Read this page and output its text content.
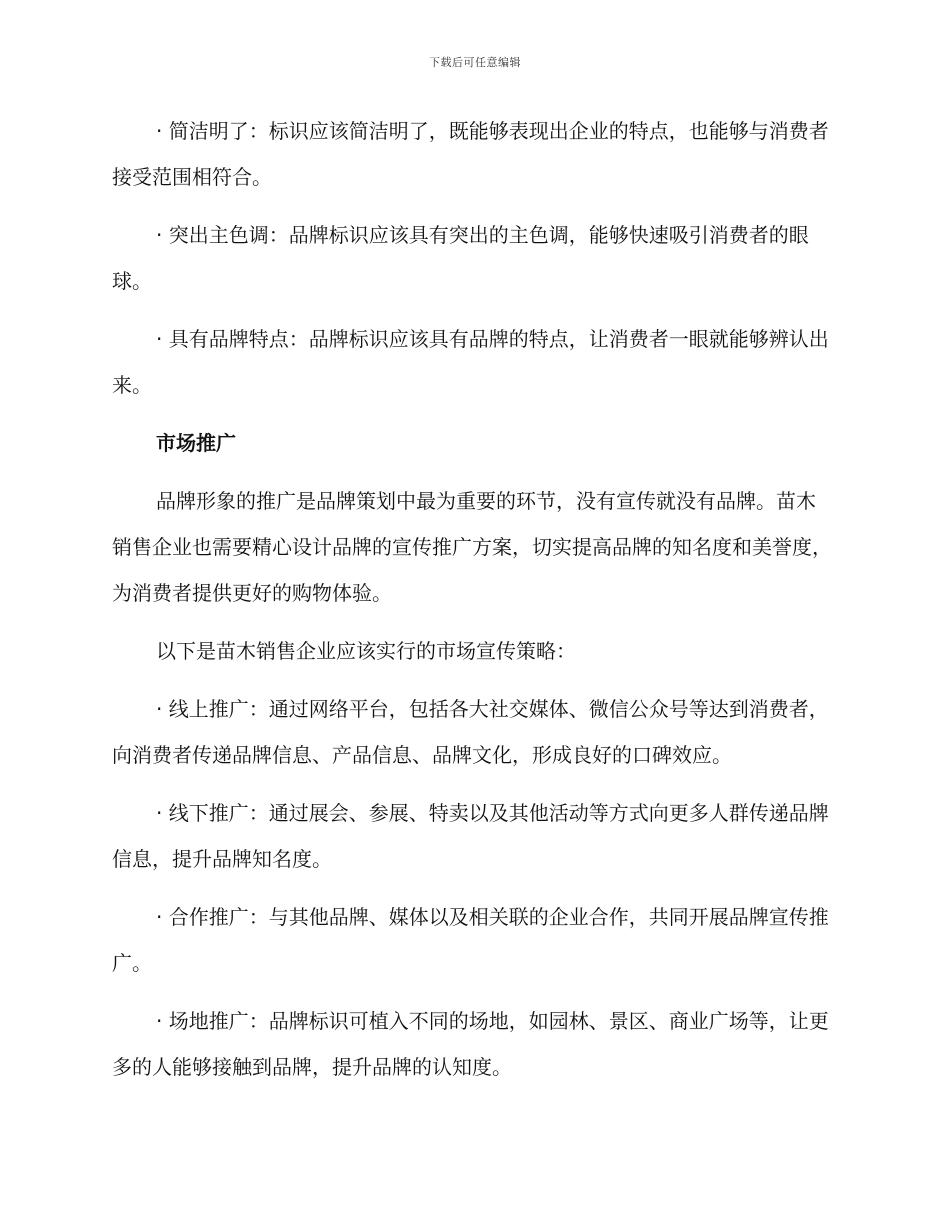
下载后可任意编辑

· 简洁明了：标识应该简洁明了，既能够表现出企业的特点，也能够与消费者接受范围相符合。

· 突出主色调：品牌标识应该具有突出的主色调，能够快速吸引消费者的眼球。

· 具有品牌特点：品牌标识应该具有品牌的特点，让消费者一眼就能够辨认出来。

市场推广

品牌形象的推广是品牌策划中最为重要的环节，没有宣传就没有品牌。苗木销售企业也需要精心设计品牌的宣传推广方案，切实提高品牌的知名度和美誉度，为消费者提供更好的购物体验。

以下是苗木销售企业应该实行的市场宣传策略：

· 线上推广：通过网络平台，包括各大社交媒体、微信公众号等达到消费者，向消费者传递品牌信息、产品信息、品牌文化，形成良好的口碑效应。

· 线下推广：通过展会、参展、特卖以及其他活动等方式向更多人群传递品牌信息，提升品牌知名度。

· 合作推广：与其他品牌、媒体以及相关联的企业合作，共同开展品牌宣传推广。

· 场地推广：品牌标识可植入不同的场地，如园林、景区、商业广场等，让更多的人能够接触到品牌，提升品牌的认知度。
